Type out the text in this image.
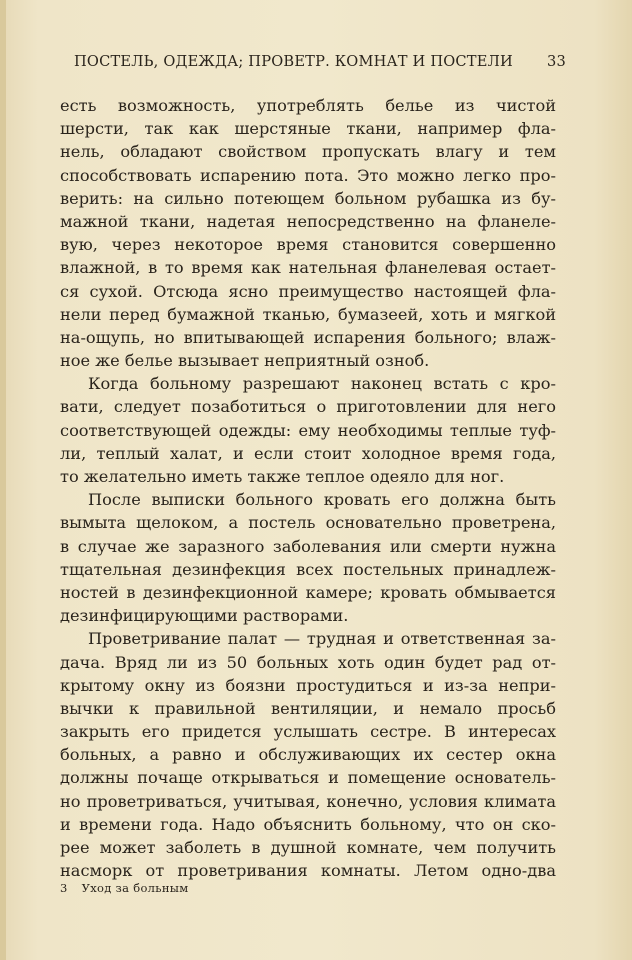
ПОСТЕЛЬ, ОДЕЖДА; ПРОВЕТР. КОМНАТ И ПОСТЕЛИ 33

есть возможность, употреблять белье из чистой
шерсти, так как шерстяные ткани, например фла-
нель, обладают свойством пропускать влагу и тем
способствовать испарению пота. Это можно легко про-
верить: на сильно потеющем больном рубашка из бу-
мажной ткани, надетая непосредственно на фланеле-
вую, через некоторое время становится совершенно
влажной, в то время как нательная фланелевая остает-
ся сухой. Отсюда ясно преимущество настоящей фла-
нели перед бумажной тканью, бумазеей, хоть и мягкой
на-ощупь, но впитывающей испарения больного; влаж-
ное же белье вызывает неприятный озноб.

Когда больному разрешают наконец встать с кро-
вати, следует позаботиться о приготовлении для него
соответствующей одежды: ему необходимы теплые туф-
ли, теплый халат, и если стоит холодное время года,
то желательно иметь также теплое одеяло для ног.

После выписки больного кровать его должна быть
вымыта щелоком, а постель основательно проветрена,
в случае же заразного заболевания или смерти нужна
тщательная дезинфекция всех постельных принадлеж-
ностей в дезинфекционной камере; кровать обмывается
дезинфицирующими растворами.

Проветривание палат — трудная и ответственная за-
дача. Вряд ли из 50 больных хоть один будет рад от-
крытому окну из боязни простудиться и из-за непри-
вычки к правильной вентиляции, и немало просьб
закрыть его придется услышать сестре. В интересах
больных, а равно и обслуживающих их сестер окна
должны почаще открываться и помещение основатель-
но проветриваться, учитывая, конечно, условия климата
и времени года. Надо объяснить больному, что он ско-
рее может заболеть в душной комнате, чем получить
насморк от проветривания комнаты. Летом одно-два

3 Уход за больным
